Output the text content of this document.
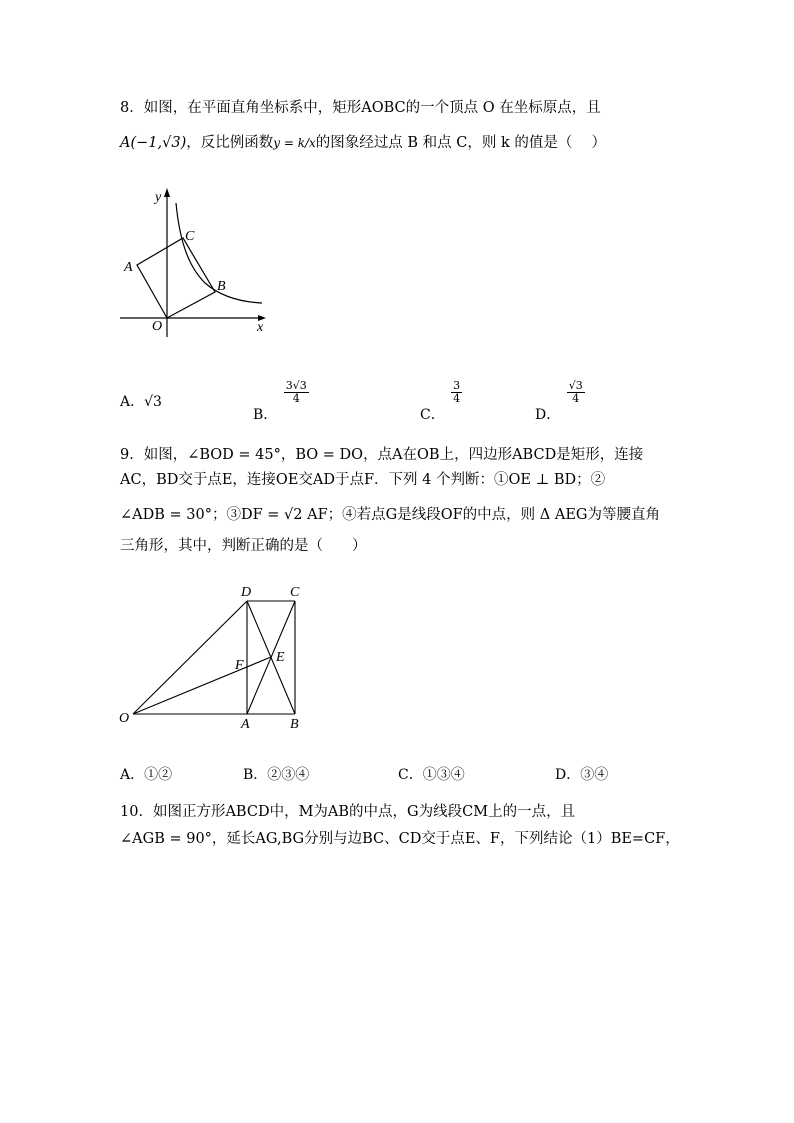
8．如图，在平面直角坐标系中，矩形AOBC的一个顶点 O 在坐标原点，且
A(−1,√3)，反比例函数y = k/x的图象经过点 B 和点 C，则 k 的值是（　 ）
y
x
O
A
B
C
A．√3
B．
$\frac{3√3}{4}$
C．
$\frac{3}{4}$
D．
$\frac{√3}{4}$
9．如图，∠BOD = 45°，BO = DO，点A在OB上，四边形ABCD是矩形，连接
AC，BD交于点E，连接OE交AD于点F．下列 4 个判断：①OE ⊥ BD；②
∠ADB = 30°；③DF = √2 AF；④若点G是线段OF的中点，则 Δ AEG为等腰直角
三角形，其中，判断正确的是（　　）
D	C
F
E
O	A	B
A．①②	B．②③④	C．①③④	D．③④
10．如图正方形ABCD中，M为AB的中点，G为线段CM上的一点，且
∠AGB = 90°，延长AG,BG分别与边BC、CD交于点E、F，下列结论（1）BE=CF，
